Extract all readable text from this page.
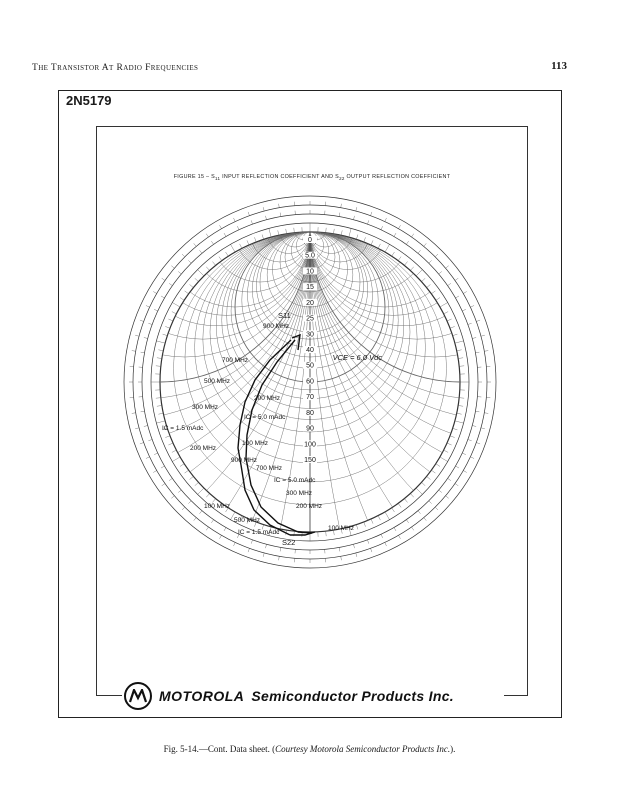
The Transistor At Radio Frequencies	113
2N5179
FIGURE $15 - S_{11}$ INPUT REFLECTION COEFFICIENT AND $S_{22}$ OUTPUT REFLECTION COEFFICIENT
0
5.0
10
15
20
25
30
40
50
60
70
80
90
100
150
VCE = 6.0 Vdc
S11
S22
900 MHz
700 MHz
500 MHz
300 MHz
200 MHz
100 MHz
IC = 1.5 mAdc
IC = 5.0 mAdc
200 MHz
900 MHz
700 MHz
IC = 5.0 mAdc
300 MHz
200 MHz
100 MHz
500 MHz
IC = 1.5 mAdc
100 MHz
MOTOROLA Semiconductor Products Inc.
Fig. 5-14.—Cont. Data sheet. (Courtesy Motorola Semiconductor Products Inc.).
